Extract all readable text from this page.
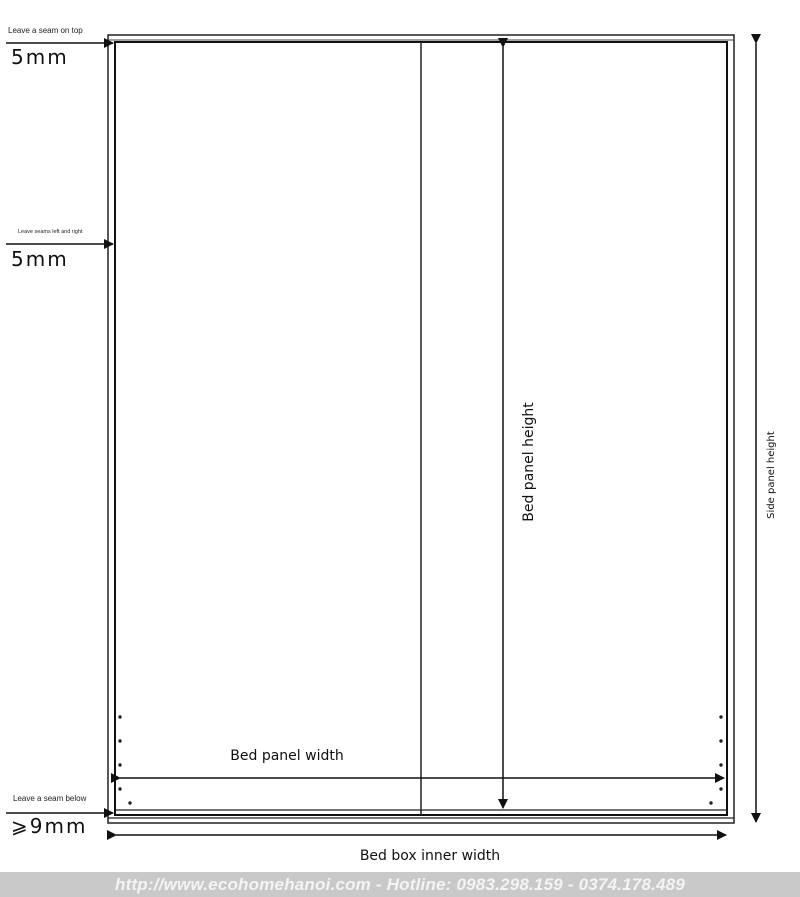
Leave a seam on top
5mm
Leave seams left and right
5mm
Leave a seam below
⩾9mm
Bed panel width
Bed panel height	Side panel height
Bed box inner width
http://www.ecohomehanoi.com - Hotline: 0983.298.159 - 0374.178.489
